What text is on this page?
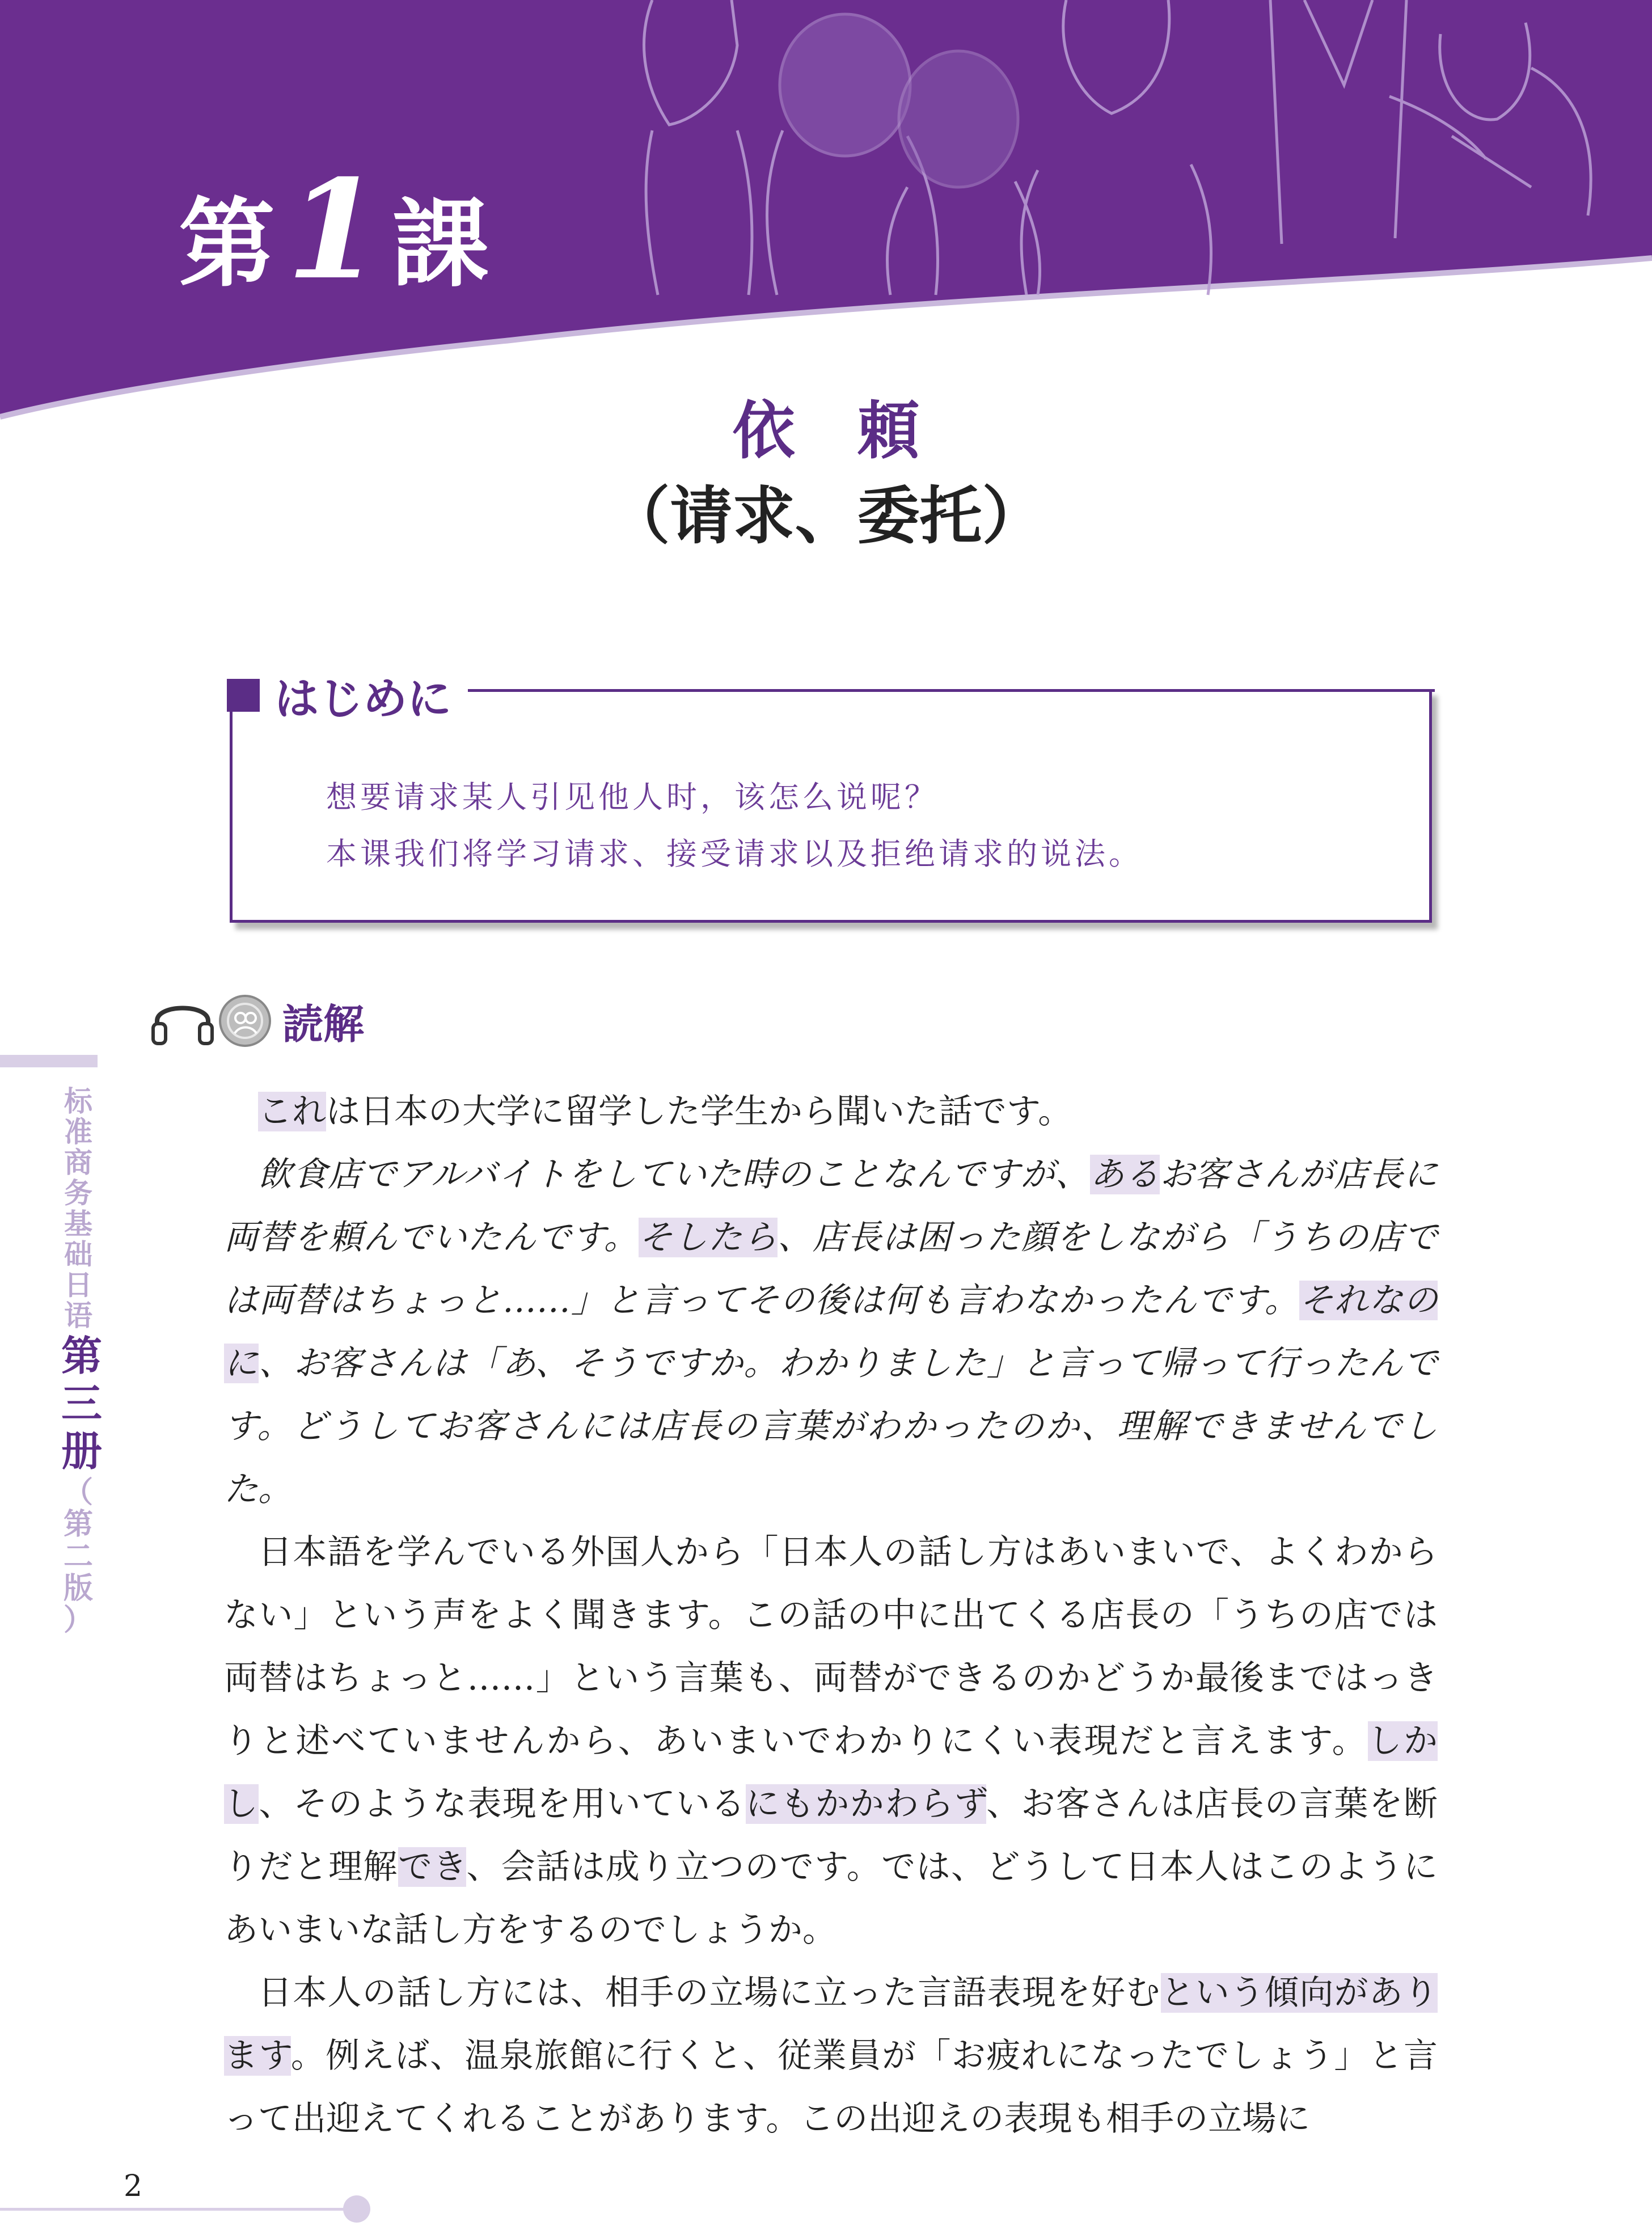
第1課
依頼
（请求、委托）
はじめに
想要请求某人引见他人时，该怎么说呢？
本课我们将学习请求、接受请求以及拒绝请求的说法。
読解
标
准
商
务
基
础
日
语
第
三
册
（
第
二
版
）

これは日本の大学に留学した学生から聞いた話です。

飲食店でアルバイトをしていた時のことなんですが、あるお客さんが店長に両替を頼んでいたんです。そしたら、店長は困った顔をしながら「うちの店では両替はちょっと……」と言ってその後は何も言わなかったんです。それなのに、お客さんは「あ、そうですか。わかりました」と言って帰って行ったんです。どうしてお客さんには店長の言葉がわかったのか、理解できませんでした。

日本語を学んでいる外国人から「日本人の話し方はあいまいで、よくわからない」という声をよく聞きます。この話の中に出てくる店長の「うちの店では両替はちょっと……」という言葉も、両替ができるのかどうか最後まではっきりと述べていませんから、あいまいでわかりにくい表現だと言えます。しかし、そのような表現を用いているにもかかわらず、お客さんは店長の言葉を断りだと理解でき、会話は成り立つのです。では、どうして日本人はこのようにあいまいな話し方をするのでしょうか。

日本人の話し方には、相手の立場に立った言語表現を好むという傾向があります。例えば、温泉旅館に行くと、従業員が「お疲れになったでしょう」と言って出迎えてくれることがあります。この出迎えの表現も相手の立場に

2
